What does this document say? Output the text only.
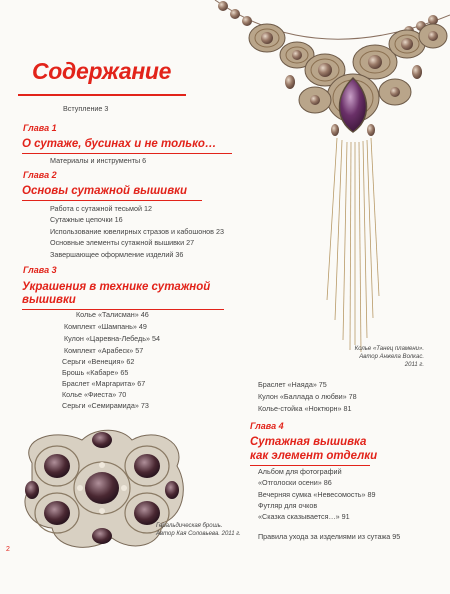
Содержание
Вступление 3
Глава 1
О сутаже, бусинах и не только…
Материалы и инструменты 6
Глава 2
Основы сутажной вышивки
Работа с сутажной тесьмой 12
Сутажные цепочки 16
Использование ювелирных стразов и кабошонов 23
Основные элементы сутажной вышивки 27
Завершающее оформление изделий 36
Глава 3
Украшения в технике сутажной
вышивки
Колье «Талисман» 46
Комплект «Шампань» 49
Кулон «Царевна-Лебедь» 54
Комплект «Арабеск» 57
Серьги «Венеция» 62
Брошь «Кабаре» 65
Браслет «Маргарита» 67
Колье «Фиеста» 70
Серьги «Семирамида» 73
Браслет «Наяда» 75
Кулон «Баллада о любви» 78
Колье-стойка «Ноктюрн» 81
Глава 4
Сутажная вышивка
как элемент отделки
Альбом для фотографий
«Отголоски осени» 86
Вечерняя сумка «Невесомость» 89
Футляр для очков
«Сказка сказывается…» 91
Правила ухода за изделиями из сутажа 95
Колье «Танец пламени».
Автор Анжела Волкас.
2011 г.
Геральдическая брошь.
Автор Кая Соловьева. 2011 г.
2
